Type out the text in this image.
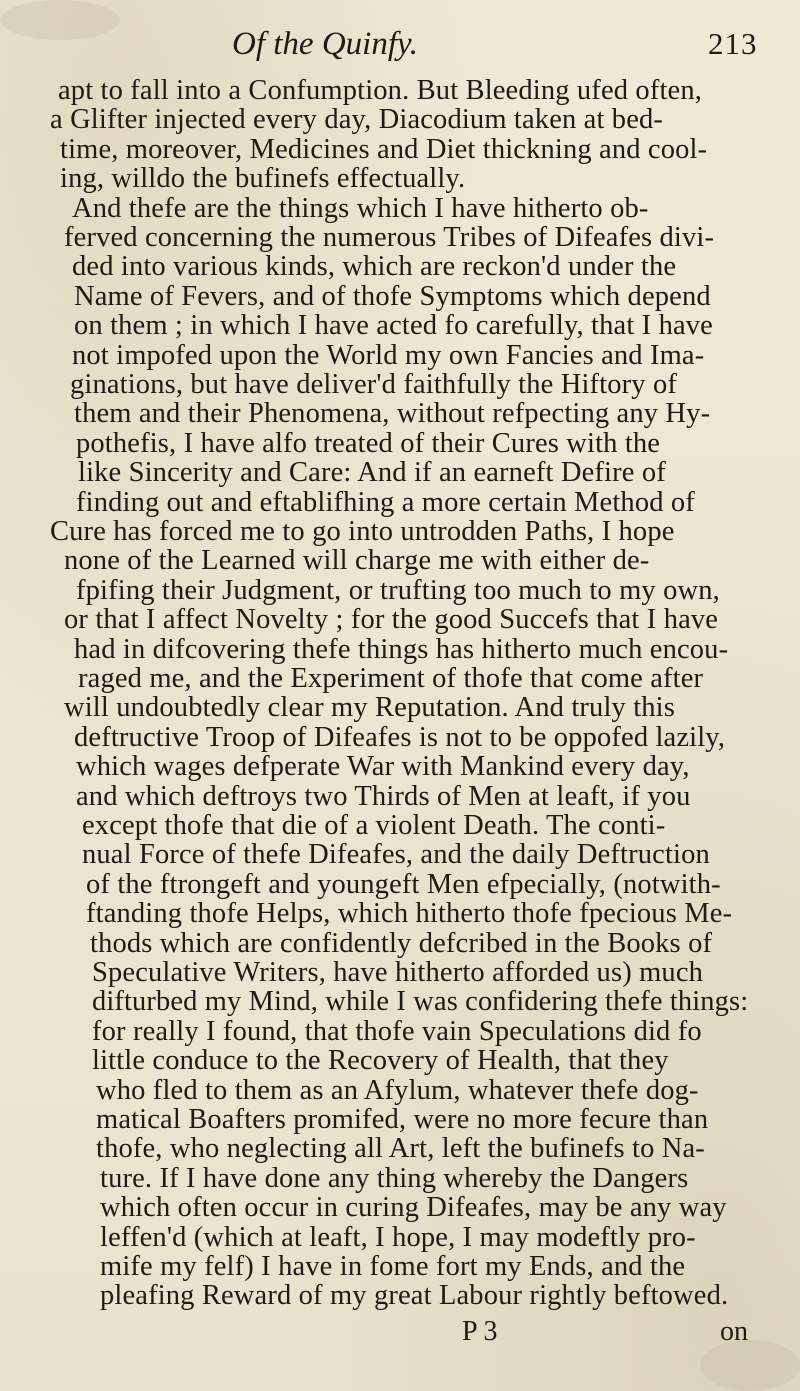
Of the Quinfy.	213
apt to fall into a Confumption. But Bleeding ufed often,
a Glifter injected every day, Diacodium taken at bed-
time, moreover, Medicines and Diet thickning and cool-
ing, willdo the bufinefs effectually.
And thefe are the things which I have hitherto ob-
ferved concerning the numerous Tribes of Difeafes divi-
ded into various kinds, which are reckon'd under the
Name of Fevers, and of thofe Symptoms which depend
on them ; in which I have acted fo carefully, that I have
not impofed upon the World my own Fancies and Ima-
ginations, but have deliver'd faithfully the Hiftory of
them and their Phenomena, without refpecting any Hy-
pothefis, I have alfo treated of their Cures with the
like Sincerity and Care: And if an earneft Defire of
finding out and eftablifhing a more certain Method of
Cure has forced me to go into untrodden Paths, I hope
none of the Learned will charge me with either de-
fpifing their Judgment, or trufting too much to my own,
or that I affect Novelty ; for the good Succefs that I have
had in difcovering thefe things has hitherto much encou-
raged me, and the Experiment of thofe that come after
will undoubtedly clear my Reputation. And truly this
deftructive Troop of Difeafes is not to be oppofed lazily,
which wages defperate War with Mankind every day,
and which deftroys two Thirds of Men at leaft, if you
except thofe that die of a violent Death. The conti-
nual Force of thefe Difeafes, and the daily Deftruction
of the ftrongeft and youngeft Men efpecially, (notwith-
ftanding thofe Helps, which hitherto thofe fpecious Me-
thods which are confidently defcribed in the Books of
Speculative Writers, have hitherto afforded us) much
difturbed my Mind, while I was confidering thefe things:
for really I found, that thofe vain Speculations did fo
little conduce to the Recovery of Health, that they
who fled to them as an Afylum, whatever thefe dog-
matical Boafters promifed, were no more fecure than
thofe, who neglecting all Art, left the bufinefs to Na-
ture. If I have done any thing whereby the Dangers
which often occur in curing Difeafes, may be any way
leffen'd (which at leaft, I hope, I may modeftly pro-
mife my felf) I have in fome fort my Ends, and the
pleafing Reward of my great Labour rightly beftowed.
P 3	on
